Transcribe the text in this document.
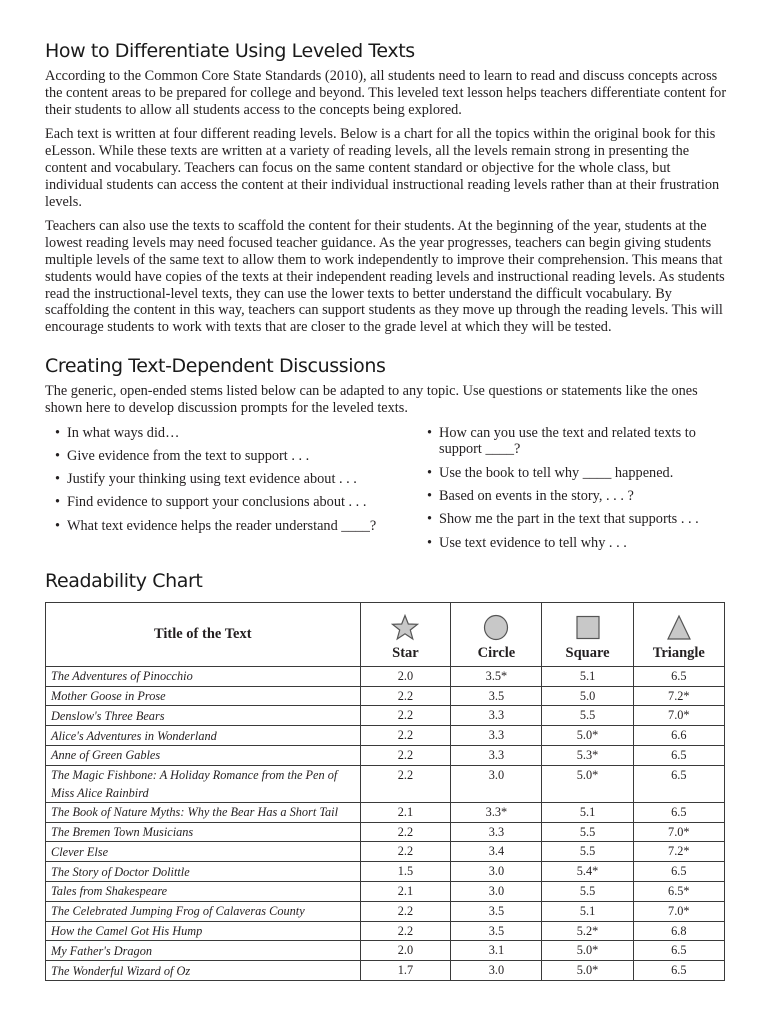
How to Differentiate Using Leveled Texts

According to the Common Core State Standards (2010), all students need to learn to read and discuss concepts across the content areas to be prepared for college and beyond. This leveled text lesson helps teachers differentiate content for their students to allow all students access to the concepts being explored.

Each text is written at four different reading levels. Below is a chart for all the topics within the original book for this eLesson. While these texts are written at a variety of reading levels, all the levels remain strong in presenting the content and vocabulary. Teachers can focus on the same content standard or objective for the whole class, but individual students can access the content at their individual instructional reading levels rather than at their frustration levels.

Teachers can also use the texts to scaffold the content for their students. At the beginning of the year, students at the lowest reading levels may need focused teacher guidance. As the year progresses, teachers can begin giving students multiple levels of the same text to allow them to work independently to improve their comprehension. This means that students would have copies of the texts at their independent reading levels and instructional reading levels. As students read the instructional-level texts, they can use the lower texts to better understand the difficult vocabulary. By scaffolding the content in this way, teachers can support students as they move up through the reading levels. This will encourage students to work with texts that are closer to the grade level at which they will be tested.

Creating Text-Dependent Discussions

The generic, open-ended stems listed below can be adapted to any topic. Use questions or statements like the ones shown here to develop discussion prompts for the leveled texts.

• In what ways did…
• Give evidence from the text to support . . .
• Justify your thinking using text evidence about . . .
• Find evidence to support your conclusions about . . .
• What text evidence helps the reader understand ____?
• How can you use the text and related texts to support ____?
• Use the book to tell why ____ happened.
• Based on events in the story, . . . ?
• Show me the part in the text that supports . . .
• Use text evidence to tell why . . .
Readability Chart
Title of the Text	Star	Circle	Square	Triangle
The Adventures of Pinocchio	2.0	3.5*	5.1	6.5
Mother Goose in Prose	2.2	3.5	5.0	7.2*
Denslow's Three Bears	2.2	3.3	5.5	7.0*
Alice's Adventures in Wonderland	2.2	3.3	5.0*	6.6
Anne of Green Gables	2.2	3.3	5.3*	6.5
The Magic Fishbone: A Holiday Romance from the Pen of Miss Alice Rainbird	2.2	3.0	5.0*	6.5
The Book of Nature Myths: Why the Bear Has a Short Tail	2.1	3.3*	5.1	6.5
The Bremen Town Musicians	2.2	3.3	5.5	7.0*
Clever Else	2.2	3.4	5.5	7.2*
The Story of Doctor Dolittle	1.5	3.0	5.4*	6.5
Tales from Shakespeare	2.1	3.0	5.5	6.5*
The Celebrated Jumping Frog of Calaveras County	2.2	3.5	5.1	7.0*
How the Camel Got His Hump	2.2	3.5	5.2*	6.8
My Father's Dragon	2.0	3.1	5.0*	6.5
The Wonderful Wizard of Oz	1.7	3.0	5.0*	6.5
